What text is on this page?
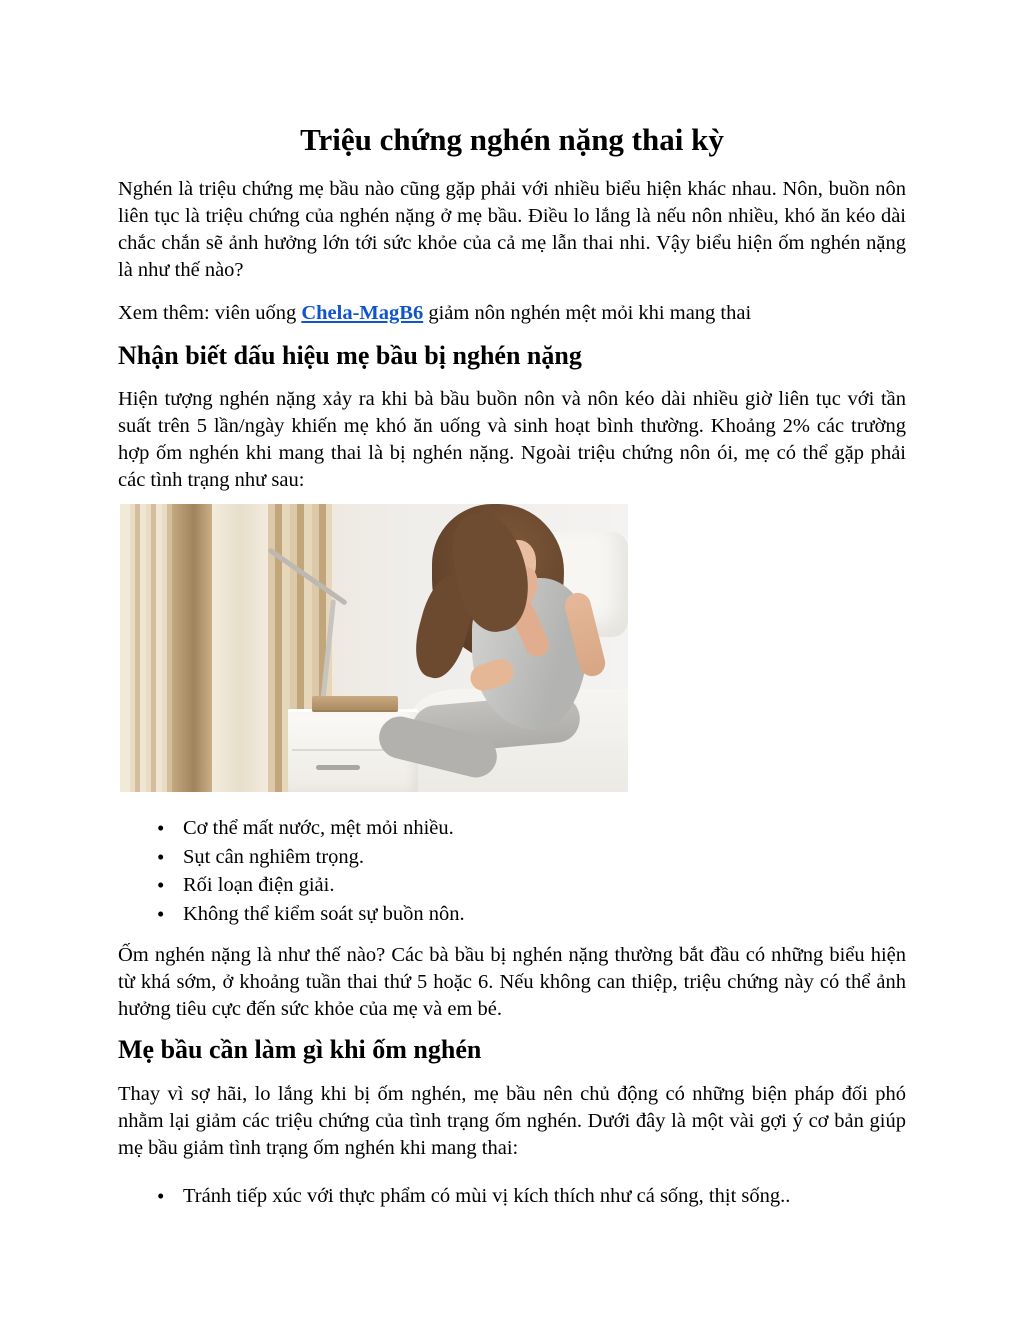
Triệu chứng nghén nặng thai kỳ

Nghén là triệu chứng mẹ bầu nào cũng gặp phải với nhiều biểu hiện khác nhau. Nôn, buồn nôn liên tục là triệu chứng của nghén nặng ở mẹ bầu. Điều lo lắng là nếu nôn nhiều, khó ăn kéo dài chắc chắn sẽ ảnh hưởng lớn tới sức khỏe của cả mẹ lẫn thai nhi. Vậy biểu hiện ốm nghén nặng là như thế nào?

Xem thêm: viên uống Chela-MagB6 giảm nôn nghén mệt mỏi khi mang thai

Nhận biết dấu hiệu mẹ bầu bị nghén nặng

Hiện tượng nghén nặng xảy ra khi bà bầu buồn nôn và nôn kéo dài nhiều giờ liên tục với tần suất trên 5 lần/ngày khiến mẹ khó ăn uống và sinh hoạt bình thường. Khoảng 2% các trường hợp ốm nghén khi mang thai là bị nghén nặng. Ngoài triệu chứng nôn ói, mẹ có thể gặp phải các tình trạng như sau:

• Cơ thể mất nước, mệt mỏi nhiều.
• Sụt cân nghiêm trọng.
• Rối loạn điện giải.
• Không thể kiểm soát sự buồn nôn.

Ốm nghén nặng là như thế nào? Các bà bầu bị nghén nặng thường bắt đầu có những biểu hiện từ khá sớm, ở khoảng tuần thai thứ 5 hoặc 6. Nếu không can thiệp, triệu chứng này có thể ảnh hưởng tiêu cực đến sức khỏe của mẹ và em bé.

Mẹ bầu cần làm gì khi ốm nghén

Thay vì sợ hãi, lo lắng khi bị ốm nghén, mẹ bầu nên chủ động có những biện pháp đối phó nhằm lại giảm các triệu chứng của tình trạng ốm nghén. Dưới đây là một vài gợi ý cơ bản giúp mẹ bầu giảm tình trạng ốm nghén khi mang thai:

• Tránh tiếp xúc với thực phẩm có mùi vị kích thích như cá sống, thịt sống..
